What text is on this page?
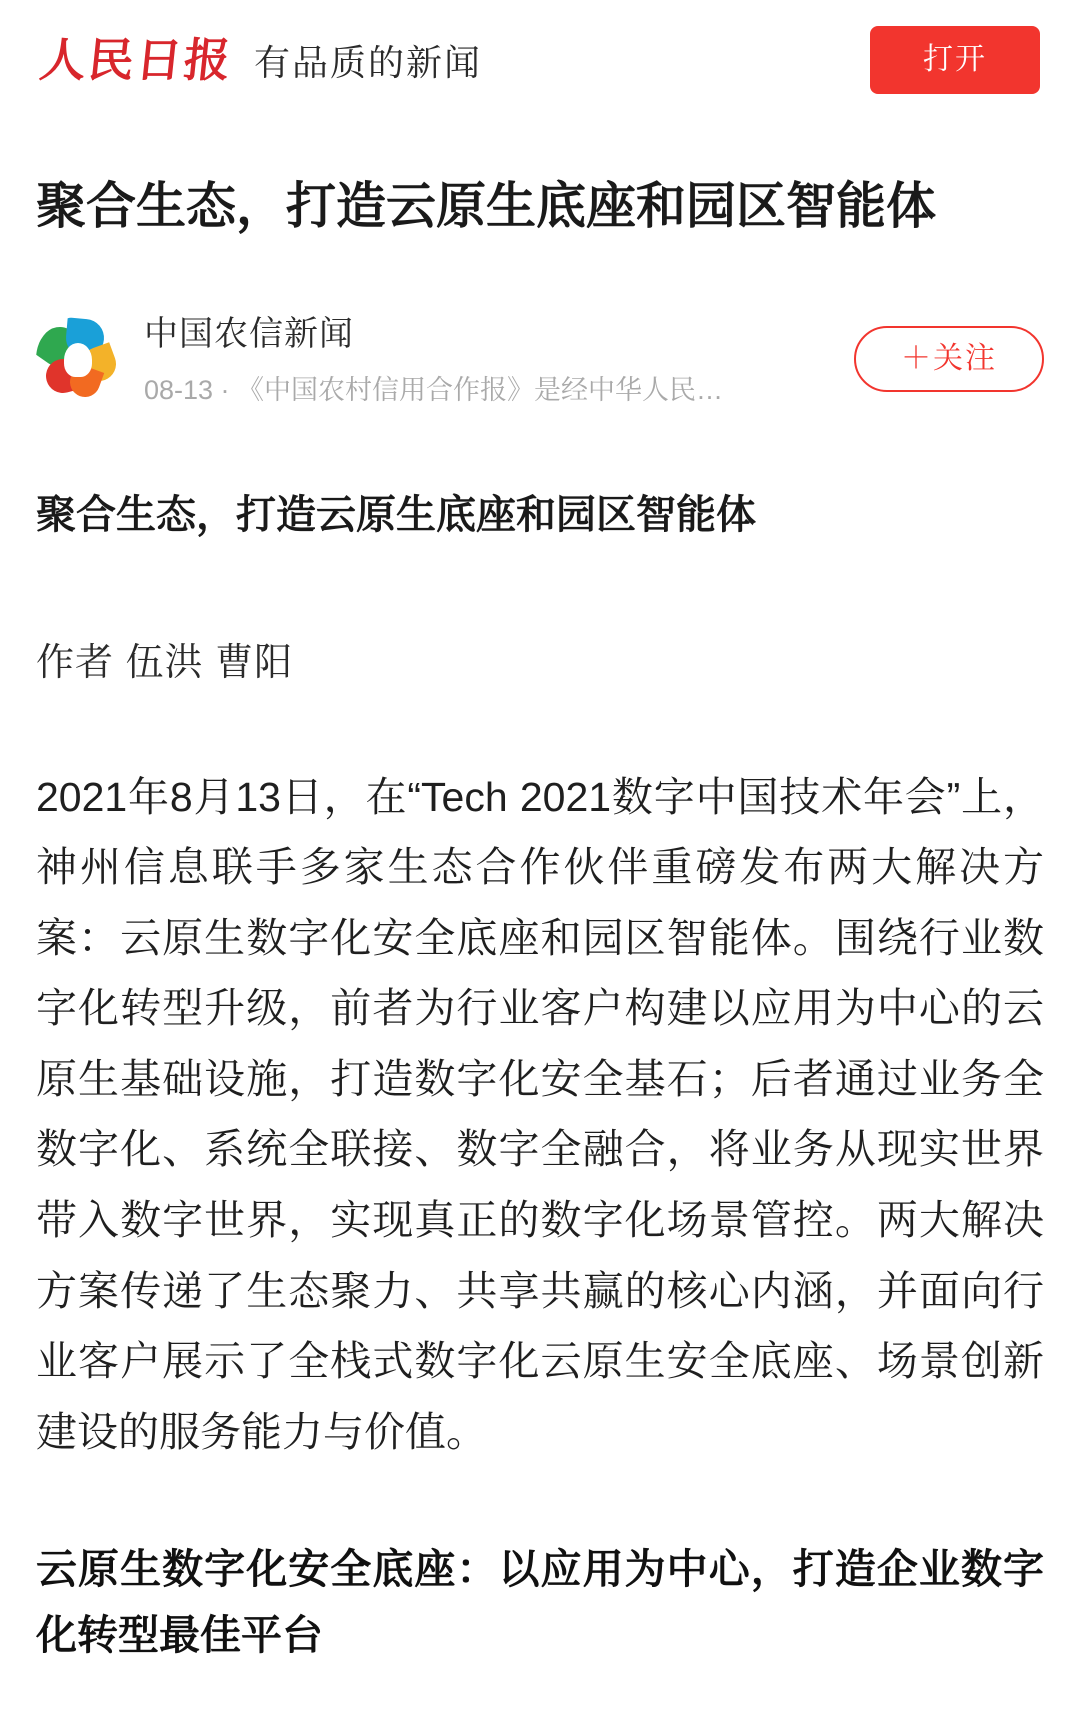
人民日报 有品质的新闻	打开
聚合生态，打造云原生底座和园区智能体
中国农信新闻
08-13 · 《中国农村信用合作报》是经中华人民…
＋关注
聚合生态，打造云原生底座和园区智能体
作者 伍洪 曹阳

2021年8月13日，在“Tech 2021数字中国技术年会”上，神州信息联手多家生态合作伙伴重磅发布两大解决方案：云原生数字化安全底座和园区智能体。围绕行业数字化转型升级，前者为行业客户构建以应用为中心的云原生基础设施，打造数字化安全基石；后者通过业务全数字化、系统全联接、数字全融合，将业务从现实世界带入数字世界，实现真正的数字化场景管控。两大解决方案传递了生态聚力、共享共赢的核心内涵，并面向行业客户展示了全栈式数字化云原生安全底座、场景创新建设的服务能力与价值。

云原生数字化安全底座：以应用为中心，打造企业数字化转型最佳平台
